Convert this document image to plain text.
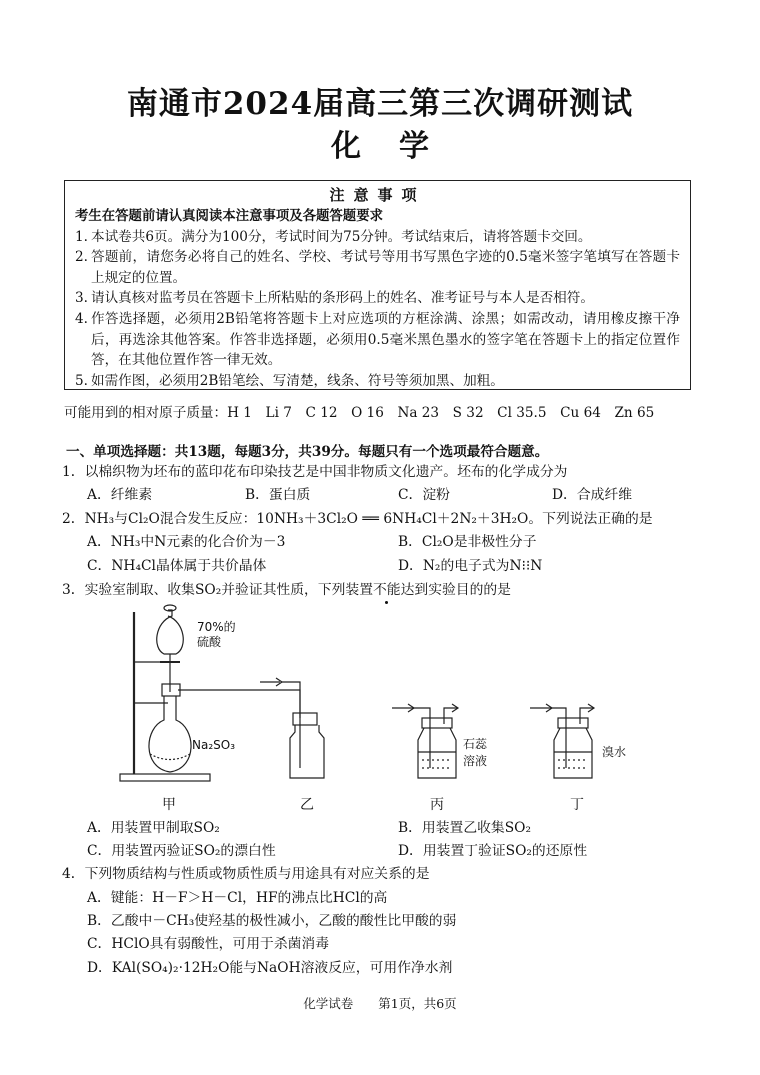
南通市2024届高三第三次调研测试
化学
注意事项
考生在答题前请认真阅读本注意事项及各题答题要求
1. 本试卷共6页。满分为100分，考试时间为75分钟。考试结束后，请将答题卡交回。
2. 答题前，请您务必将自己的姓名、学校、考试号等用书写黑色字迹的0.5毫米签字笔填写在答题卡上规定的位置。
3. 请认真核对监考员在答题卡上所粘贴的条形码上的姓名、准考证号与本人是否相符。
4. 作答选择题，必须用2B铅笔将答题卡上对应选项的方框涂满、涂黑；如需改动，请用橡皮擦干净后，再选涂其他答案。作答非选择题，必须用0.5毫米黑色墨水的签字笔在答题卡上的指定位置作答，在其他位置作答一律无效。
5. 如需作图，必须用2B铅笔绘、写清楚，线条、符号等须加黑、加粗。
可能用到的相对原子质量：H 1　Li 7　C 12　O 16　Na 23　S 32　Cl 35.5　Cu 64　Zn 65
一、单项选择题：共13题，每题3分，共39分。每题只有一个选项最符合题意。
1．以棉织物为坯布的蓝印花布印染技艺是中国非物质文化遗产。坯布的化学成分为
A．纤维素	B．蛋白质	C．淀粉	D．合成纤维
2．NH₃与Cl₂O混合发生反应：10NH₃＋3Cl₂O ══ 6NH₄Cl＋2N₂＋3H₂O。下列说法正确的是
A．NH₃中N元素的化合价为－3	B．Cl₂O是非极性分子
C．NH₄Cl晶体属于共价晶体	D．N₂的电子式为N⁝⁝N
3．实验室制取、收集SO₂并验证其性质，下列装置不能达到实验目的的是
70%的
硫酸
Na₂SO₃	石蕊
溶液
溴水
甲	乙	丙	丁
A．用装置甲制取SO₂	B．用装置乙收集SO₂
C．用装置丙验证SO₂的漂白性	D．用装置丁验证SO₂的还原性
4．下列物质结构与性质或物质性质与用途具有对应关系的是
A．键能：H－F＞H－Cl，HF的沸点比HCl的高
B．乙酸中－CH₃使羟基的极性减小，乙酸的酸性比甲酸的弱
C．HClO具有弱酸性，可用于杀菌消毒
D．KAl(SO₄)₂·12H₂O能与NaOH溶液反应，可用作净水剂
化学试卷　　第1页，共6页
